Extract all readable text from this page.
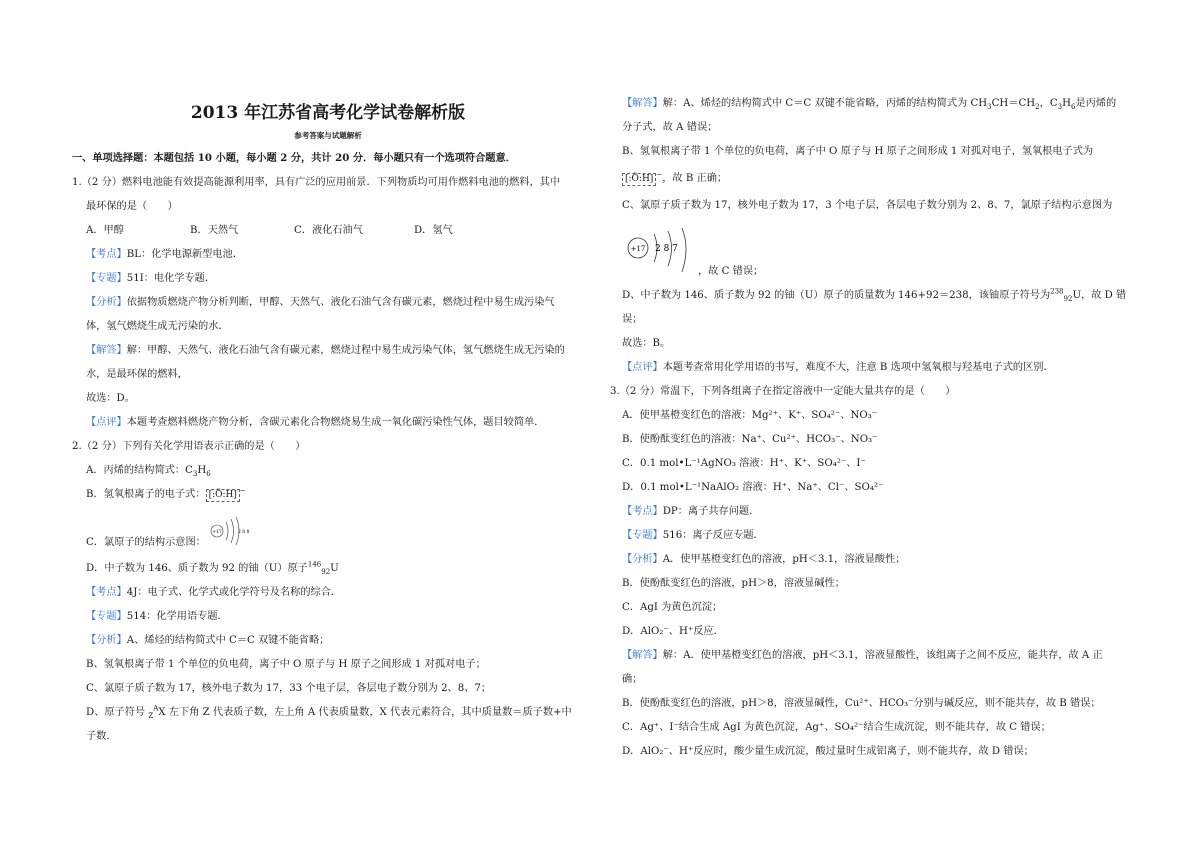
2013 年江苏省高考化学试卷解析版
参考答案与试题解析
一、单项选择题：本题包括 10 小题，每小题 2 分，共计 20 分．每小题只有一个选项符合题意．
1.（2 分）燃料电池能有效提高能源利用率，具有广泛的应用前景．下列物质均可用作燃料电池的燃料，其中
最环保的是（　　）
A．甲醇	B．天然气	C．液化石油气	D．氢气
【考点】BL：化学电源新型电池．
【专题】51I：电化学专题．
【分析】依据物质燃烧产物分析判断，甲醇、天然气、液化石油气含有碳元素，燃烧过程中易生成污染气
体，氢气燃烧生成无污染的水．
【解答】解：甲醇、天然气、液化石油气含有碳元素，燃烧过程中易生成污染气体，氢气燃烧生成无污染的
水，是最环保的燃料，
故选：D。
【点评】本题考查燃料燃烧产物分析，含碳元素化合物燃烧易生成一氧化碳污染性气体，题目较简单．
2.（2 分）下列有关化学用语表示正确的是（　　）
A．丙烯的结构简式：$C_3H_6$
B．氢氧根离子的电子式： [:Ö:H] −
C．氯原子的结构示意图：
+17	2 8 8
D．中子数为 146、质子数为 92 的铀（U）原子$^{146}_{92}$U
【考点】4J：电子式、化学式或化学符号及名称的综合．
【专题】514：化学用语专题．
【分析】A、烯烃的结构简式中 C＝C 双键不能省略；
B、氢氧根离子带 1 个单位的负电荷，离子中 O 原子与 H 原子之间形成 1 对孤对电子；
C、氯原子质子数为 17，核外电子数为 17，33 个电子层，各层电子数分别为 2、8、7；
D、原子符号 $_Z^A$X 左下角 Z 代表质子数，左上角 A 代表质量数，X 代表元素符合，其中质量数＝质子数+中
子数.
【解答】解：A、烯烃的结构简式中 C＝C 双键不能省略，丙烯的结构简式为 $CH_3CH=CH_2$，$C_3H_6$是丙烯的
分子式，故 A 错误；
B、氢氧根离子带 1 个单位的负电荷，离子中 O 原子与 H 原子之间形成 1 对孤对电子，氢氧根电子式为
[:Ö:H] −，故 B 正确；
C、氯原子质子数为 17，核外电子数为 17，3 个电子层，各层电子数分别为 2、8、7，氯原子结构示意图为
+17 2 8 7
，故 C 错误；
D、中子数为 146、质子数为 92 的铀（U）原子的质量数为 146+92＝238，该铀原子符号为$^{238}_{92}$U，故 D 错
误；
故选：B。
【点评】本题考查常用化学用语的书写，难度不大，注意 B 选项中氢氧根与羟基电子式的区别．
3.（2 分）常温下，下列各组离子在指定溶液中一定能大量共存的是（　　）
A．使甲基橙变红色的溶液：Mg²⁺、K⁺、SO₄²⁻、NO₃⁻
B．使酚酞变红色的溶液：Na⁺、Cu²⁺、HCO₃⁻、NO₃⁻
C．0.1 mol•L⁻¹AgNO₃ 溶液：H⁺、K⁺、SO₄²⁻、I⁻
D．0.1 mol•L⁻¹NaAlO₂ 溶液：H⁺、Na⁺、Cl⁻、SO₄²⁻
【考点】DP：离子共存问题．
【专题】516：离子反应专题．
【分析】A．使甲基橙变红色的溶液，pH＜3.1，溶液显酸性；
B．使酚酞变红色的溶液，pH＞8，溶液显碱性；
C．AgI 为黄色沉淀；
D．AlO₂⁻、H⁺反应．
【解答】解：A．使甲基橙变红色的溶液，pH＜3.1，溶液显酸性，该组离子之间不反应，能共存，故 A 正
确；
B．使酚酞变红色的溶液，pH＞8，溶液显碱性，Cu²⁺、HCO₃⁻分别与碱反应，则不能共存，故 B 错误；
C．Ag⁺、I⁻结合生成 AgI 为黄色沉淀，Ag⁺、SO₄²⁻结合生成沉淀，则不能共存，故 C 错误；
D．AlO₂⁻、H⁺反应时，酸少量生成沉淀，酸过量时生成铝离子，则不能共存，故 D 错误；
